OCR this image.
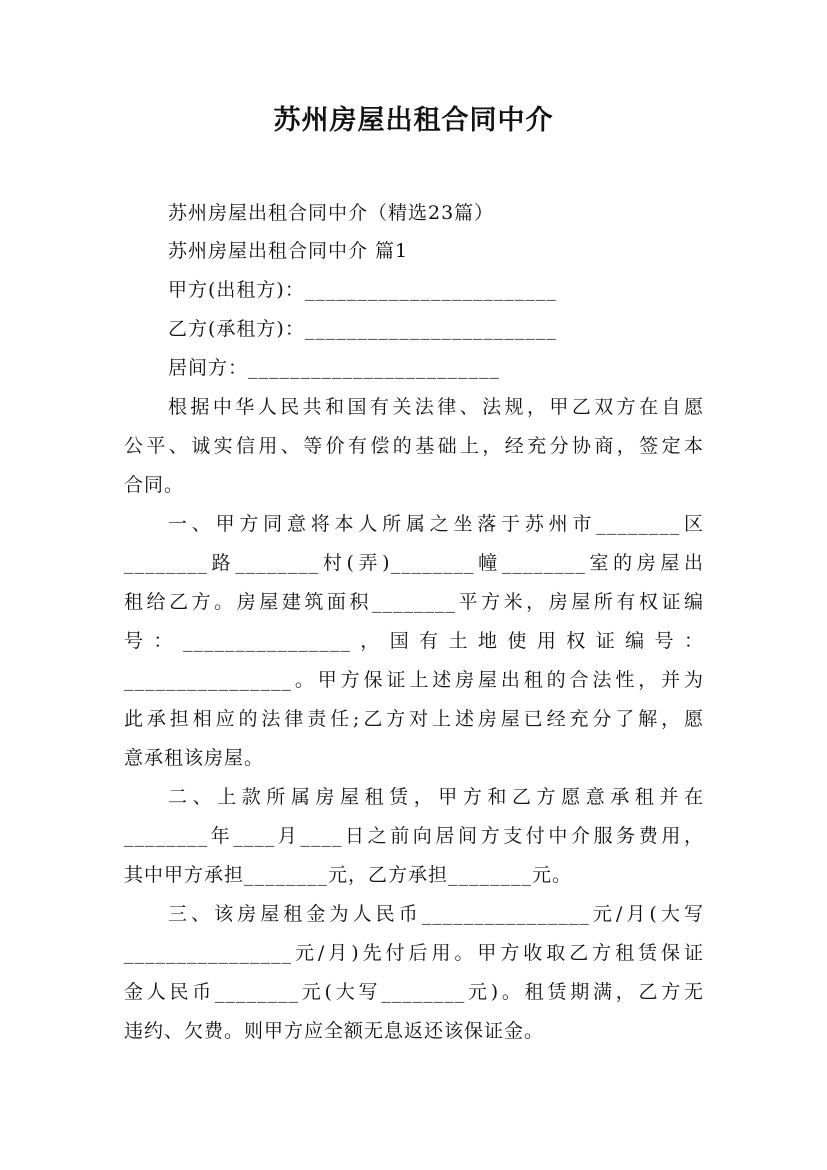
苏州房屋出租合同中介
苏州房屋出租合同中介（精选23篇）
苏州房屋出租合同中介 篇1
甲方(出租方)：________________________
乙方(承租方)：________________________
居间方：________________________
根据中华人民共和国有关法律、法规，甲乙双方在自愿
公平、诚实信用、等价有偿的基础上，经充分协商，签定本
合同。
一、甲方同意将本人所属之坐落于苏州市________区
________路________村(弄)________幢________室的房屋出
租给乙方。房屋建筑面积________平方米，房屋所有权证编
号：________________，国有土地使用权证编号：
________________。甲方保证上述房屋出租的合法性，并为
此承担相应的法律责任;乙方对上述房屋已经充分了解，愿
意承租该房屋。
二、上款所属房屋租赁，甲方和乙方愿意承租并在
________年____月____日之前向居间方支付中介服务费用，
其中甲方承担________元，乙方承担________元。
三、该房屋租金为人民币________________元/月(大写
________________元/月)先付后用。甲方收取乙方租赁保证
金人民币________元(大写________元)。租赁期满，乙方无
违约、欠费。则甲方应全额无息返还该保证金。
